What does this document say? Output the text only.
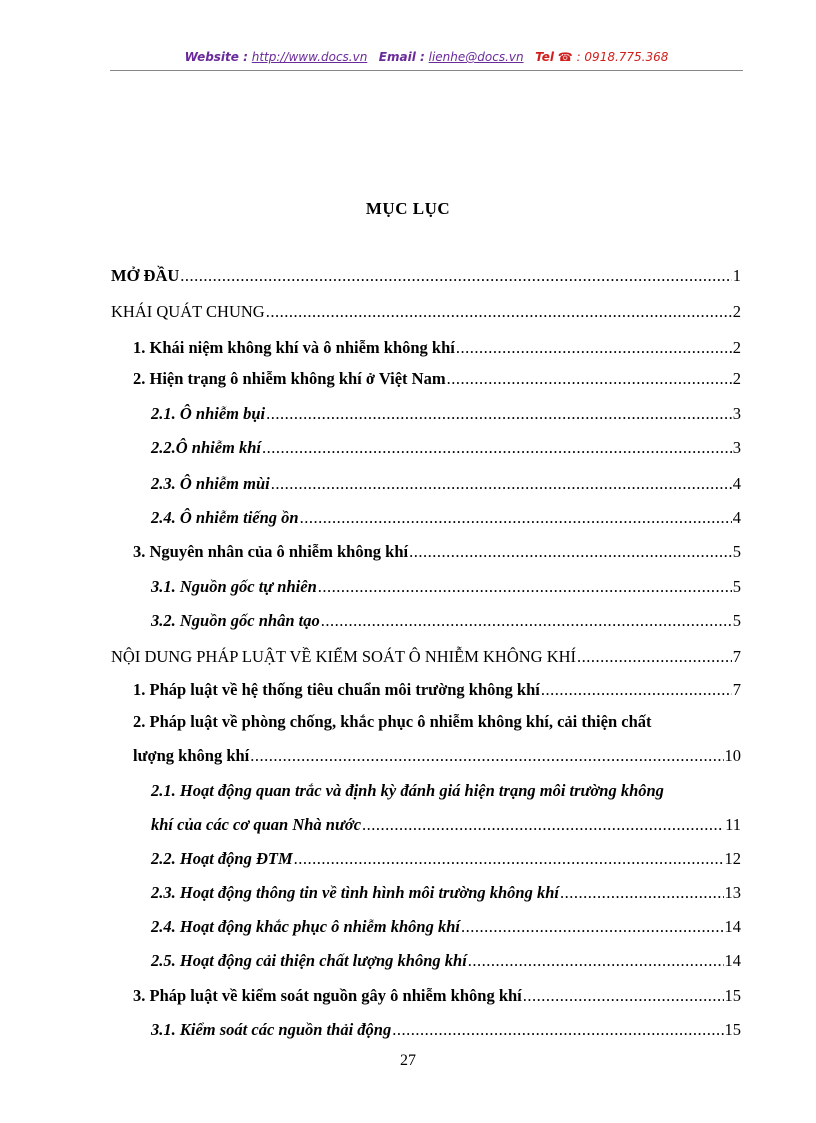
Website : http://www.docs.vn Email : lienhe@docs.vn Tel ☎ : 0918.775.368
MỤC LỤC
MỞ ĐẦU .....	1
KHÁI QUÁT CHUNG .....	2
1. Khái niệm không khí và ô nhiễm không khí .....	2
2. Hiện trạng ô nhiễm không khí ở Việt Nam .....	2
2.1. Ô nhiễm bụi .....	3
2.2.Ô nhiễm khí .....	3
2.3. Ô nhiễm mùi .....	4
2.4. Ô nhiễm tiếng ồn .....	4
3. Nguyên nhân của ô nhiễm không khí .....	5
3.1. Nguồn gốc tự nhiên .....	5
3.2. Nguồn gốc nhân tạo .....	5
NỘI DUNG PHÁP LUẬT VỀ KIỂM SOÁT Ô NHIỄM KHÔNG KHÍ .....	7
1. Pháp luật về hệ thống tiêu chuẩn môi trường không khí .....	7
2. Pháp luật về phòng chống, khắc phục ô nhiễm không khí, cải thiện chất
lượng không khí .....	10
2.1. Hoạt động quan trắc và định kỳ đánh giá hiện trạng môi trường không
khí của các cơ quan Nhà nước .....	11
2.2. Hoạt động ĐTM .....	12
2.3. Hoạt động thông tin về tình hình môi trường không khí .....	13
2.4. Hoạt động khắc phục ô nhiễm không khí .....	14
2.5. Hoạt động cải thiện chất lượng không khí .....	14
3. Pháp luật về kiểm soát nguồn gây ô nhiễm không khí .....	15
3.1. Kiểm soát các nguồn thải động .....	15
27
